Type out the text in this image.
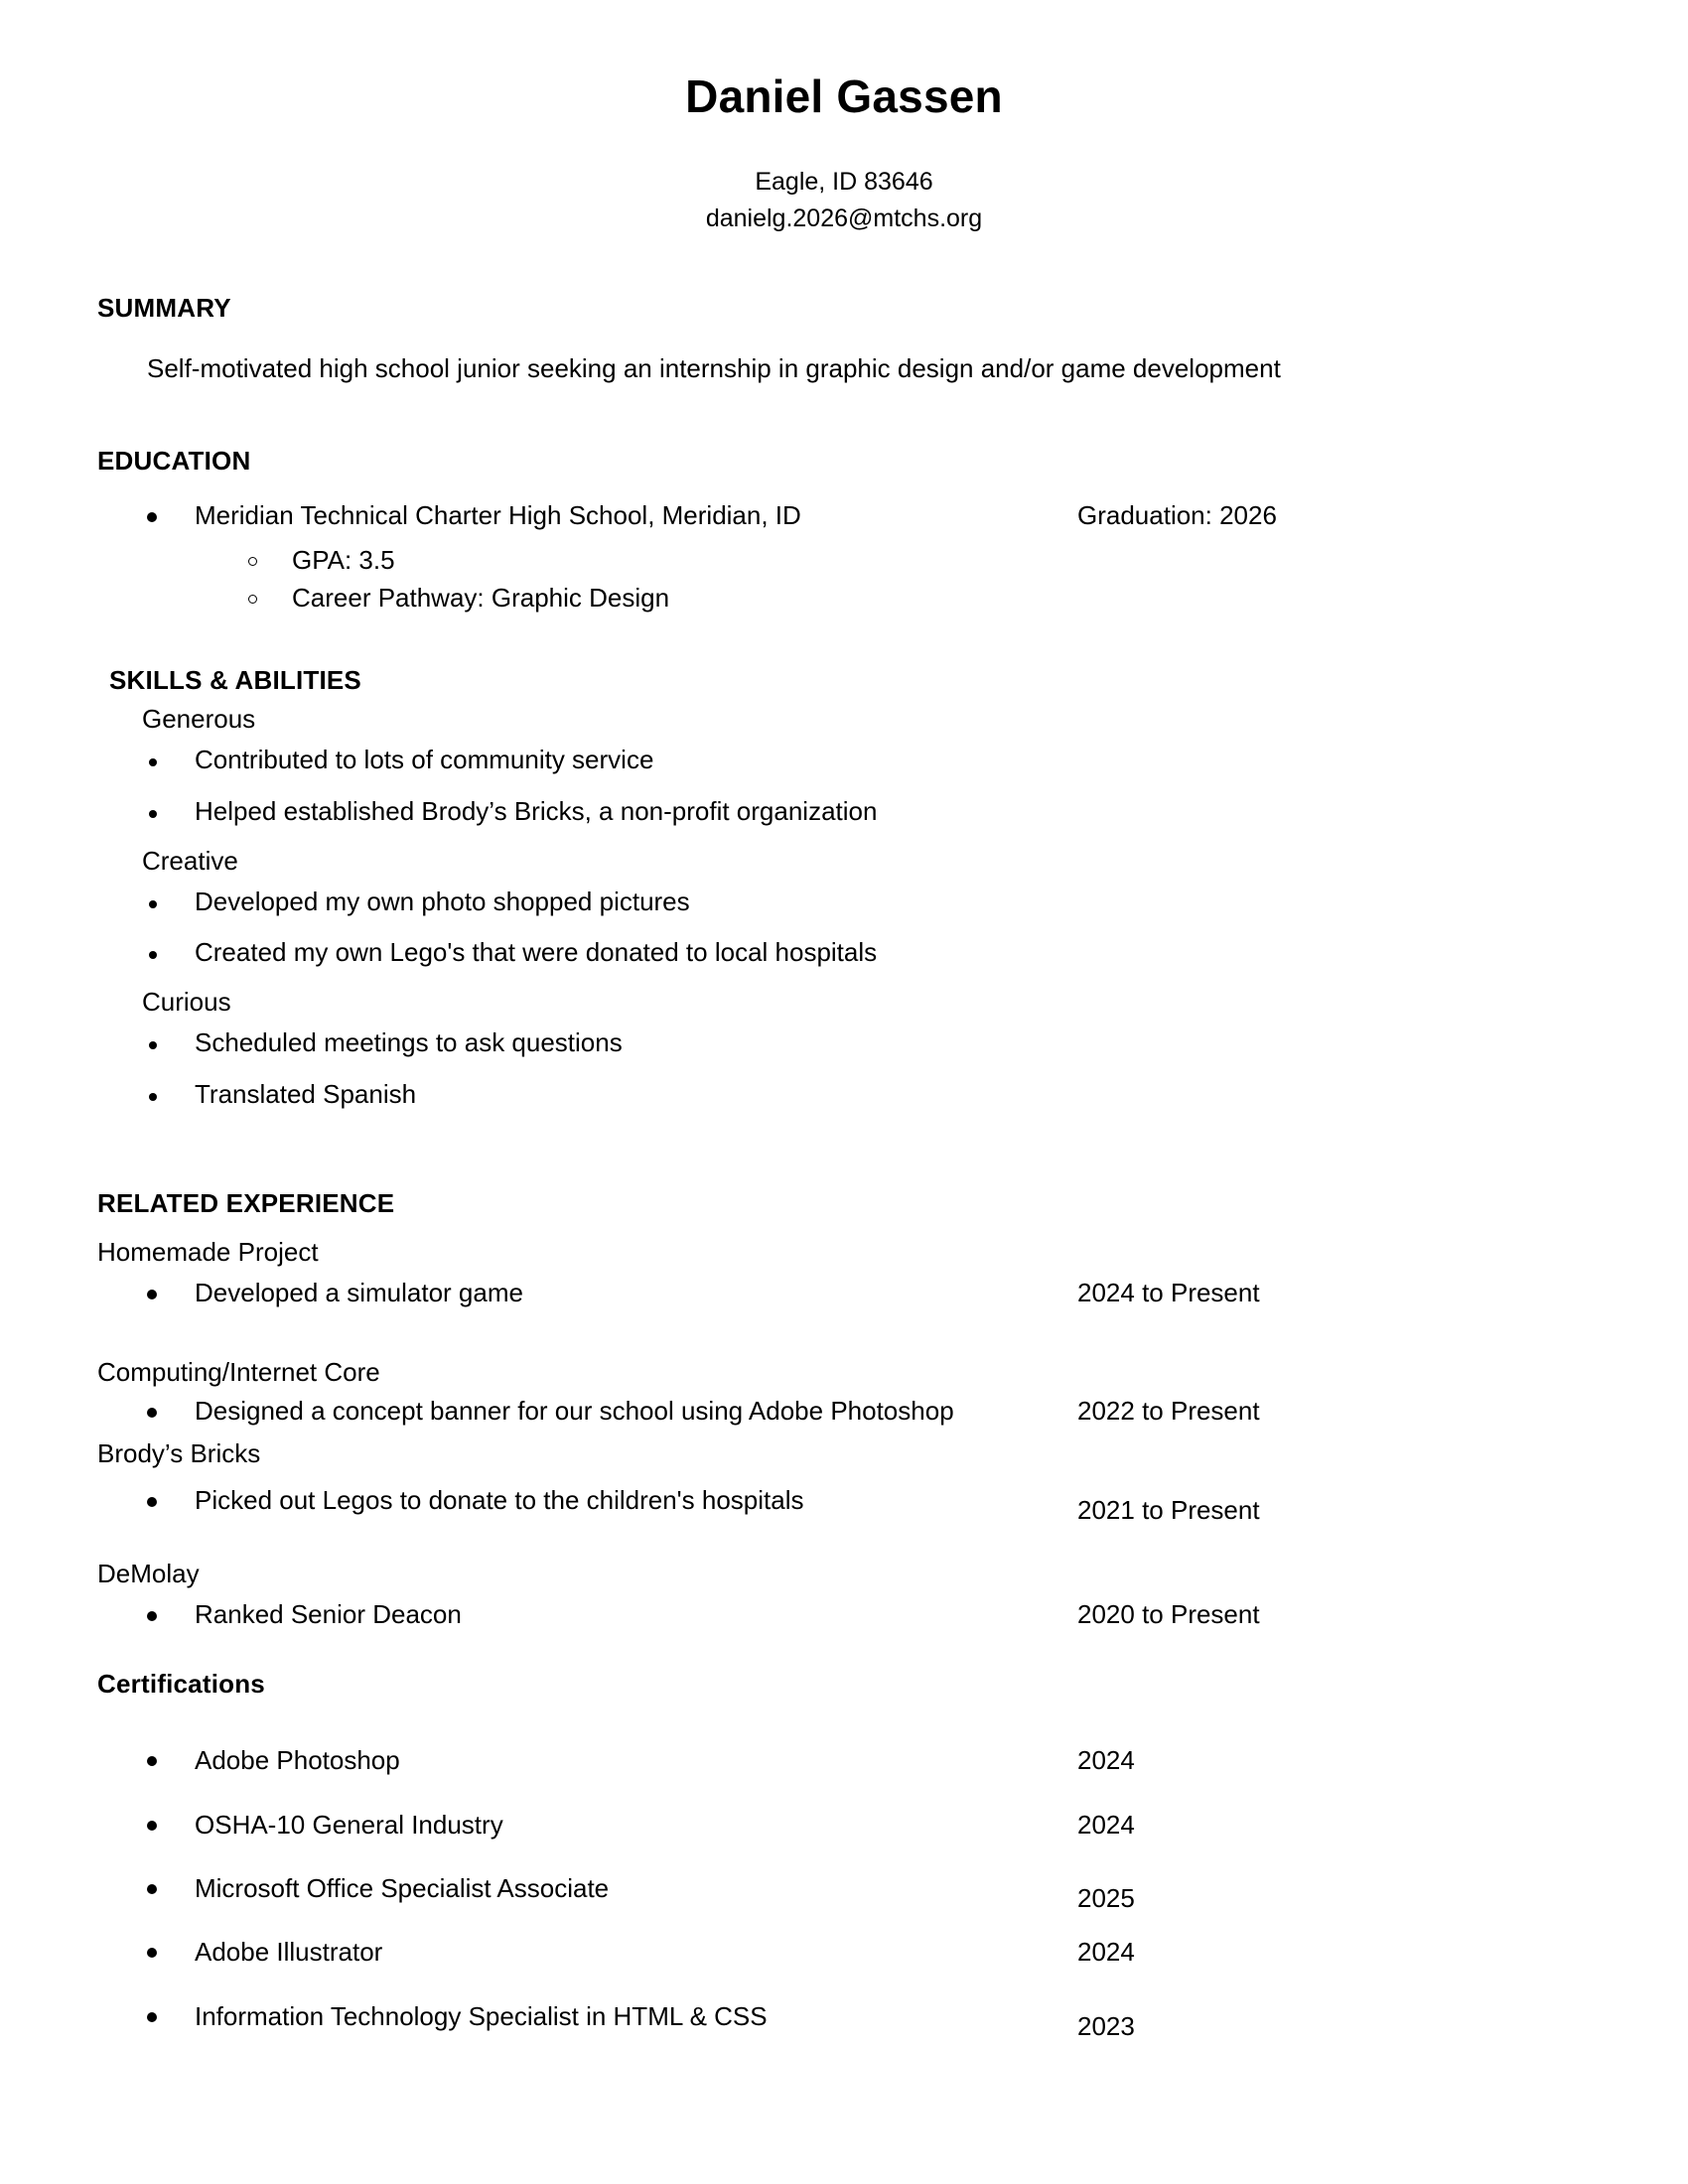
Daniel Gassen
Eagle, ID 83646
danielg.2026@mtchs.org
SUMMARY
Self-motivated high school junior seeking an internship in graphic design and/or game development
EDUCATION
Meridian Technical Charter High School, Meridian, ID	Graduation: 2026
GPA: 3.5
Career Pathway: Graphic Design
SKILLS & ABILITIES
Generous
Contributed to lots of community service
Helped established Brody’s Bricks, a non-profit organization
Creative
Developed my own photo shopped pictures
Created my own Lego's that were donated to local hospitals
Curious
Scheduled meetings to ask questions
Translated Spanish
RELATED EXPERIENCE
Homemade Project
Developed a simulator game	2024 to Present
Computing/Internet Core
Designed a concept banner for our school using Adobe Photoshop	2022 to Present
Brody’s Bricks
Picked out Legos to donate to the children's hospitals	2021 to Present
DeMolay
Ranked Senior Deacon	2020 to Present
Certifications
Adobe Photoshop	2024
OSHA-10 General Industry	2024
Microsoft Office Specialist Associate	2025
Adobe Illustrator	2024
Information Technology Specialist in HTML & CSS	2023
